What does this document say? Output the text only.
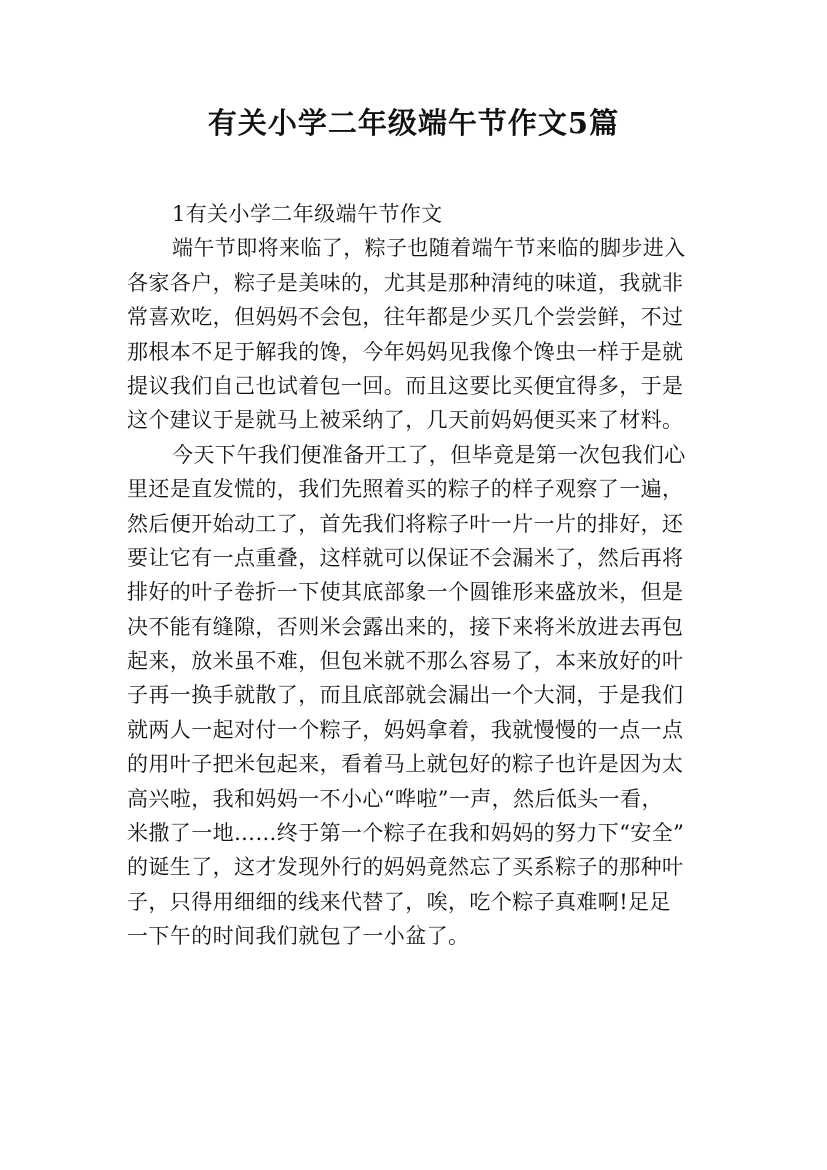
有关小学二年级端午节作文5篇
1有关小学二年级端午节作文
端午节即将来临了，粽子也随着端午节来临的脚步进入
各家各户，粽子是美味的，尤其是那种清纯的味道，我就非
常喜欢吃，但妈妈不会包，往年都是少买几个尝尝鲜，不过
那根本不足于解我的馋，今年妈妈见我像个馋虫一样于是就
提议我们自己也试着包一回。而且这要比买便宜得多，于是
这个建议于是就马上被采纳了，几天前妈妈便买来了材料。
今天下午我们便准备开工了，但毕竟是第一次包我们心
里还是直发慌的，我们先照着买的粽子的样子观察了一遍，
然后便开始动工了，首先我们将粽子叶一片一片的排好，还
要让它有一点重叠，这样就可以保证不会漏米了，然后再将
排好的叶子卷折一下使其底部象一个圆锥形来盛放米，但是
决不能有缝隙，否则米会露出来的，接下来将米放进去再包
起来，放米虽不难，但包米就不那么容易了，本来放好的叶
子再一换手就散了，而且底部就会漏出一个大洞，于是我们
就两人一起对付一个粽子，妈妈拿着，我就慢慢的一点一点
的用叶子把米包起来，看着马上就包好的粽子也许是因为太
高兴啦，我和妈妈一不小心“哗啦”一声，然后低头一看，
米撒了一地……终于第一个粽子在我和妈妈的努力下“安全”
的诞生了，这才发现外行的妈妈竟然忘了买系粽子的那种叶
子，只得用细细的线来代替了，唉，吃个粽子真难啊!足足
一下午的时间我们就包了一小盆了。
